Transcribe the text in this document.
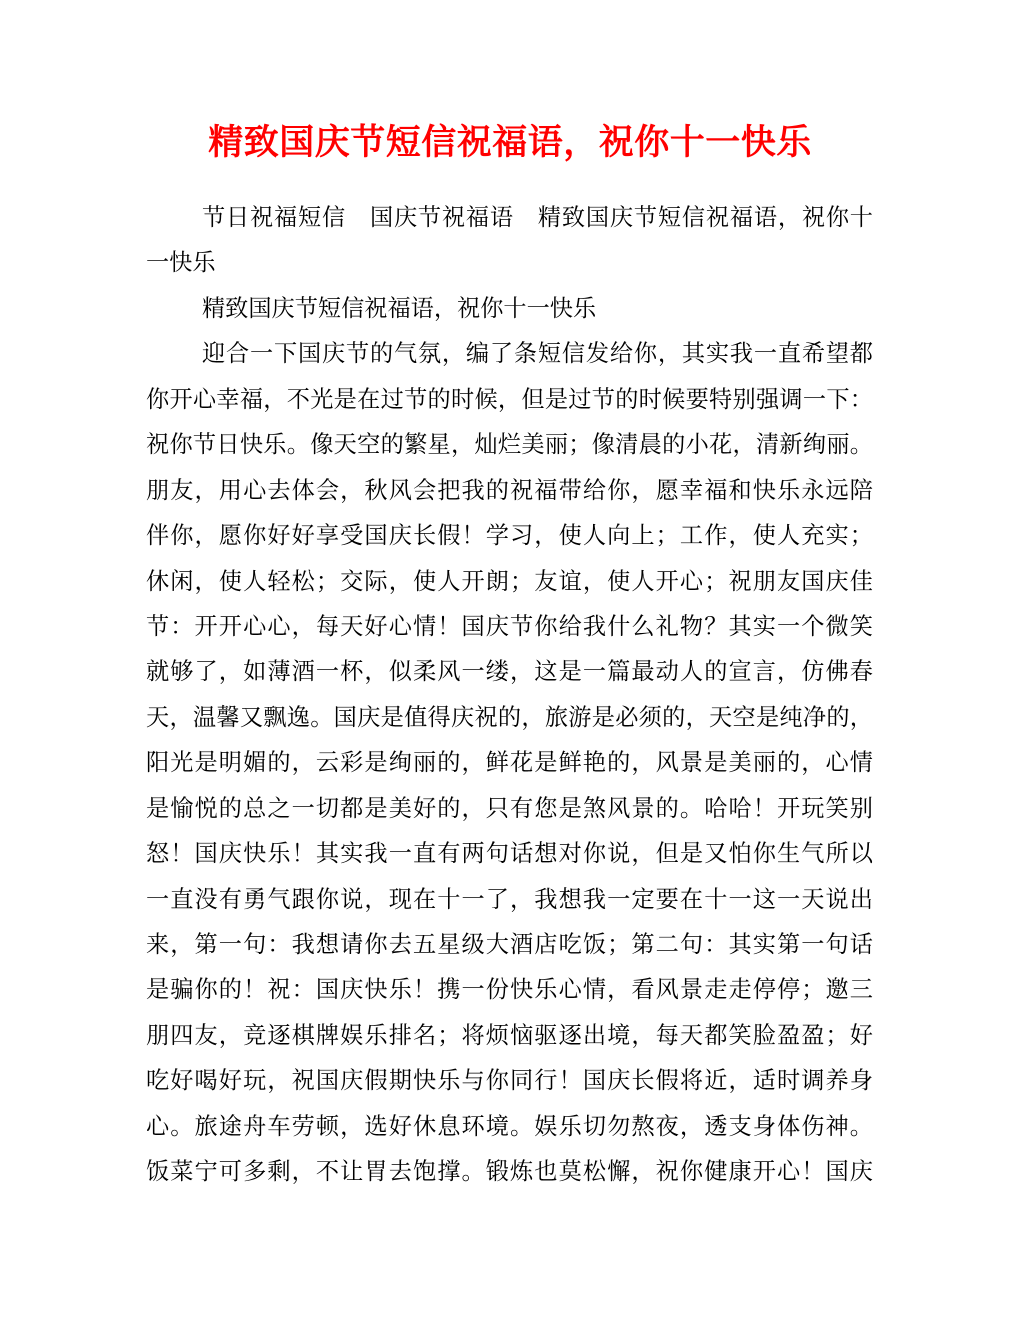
精致国庆节短信祝福语，祝你十一快乐
节日祝福短信　国庆节祝福语　精致国庆节短信祝福语，祝你十
一快乐
精致国庆节短信祝福语，祝你十一快乐
迎合一下国庆节的气氛，编了条短信发给你，其实我一直希望都
你开心幸福，不光是在过节的时候，但是过节的时候要特别强调一下：
祝你节日快乐。像天空的繁星，灿烂美丽；像清晨的小花，清新绚丽。
朋友，用心去体会，秋风会把我的祝福带给你，愿幸福和快乐永远陪
伴你，愿你好好享受国庆长假！学习，使人向上；工作，使人充实；
休闲，使人轻松；交际，使人开朗；友谊，使人开心；祝朋友国庆佳
节：开开心心，每天好心情！国庆节你给我什么礼物？其实一个微笑
就够了，如薄酒一杯，似柔风一缕，这是一篇最动人的宣言，仿佛春
天，温馨又飘逸。国庆是值得庆祝的，旅游是必须的，天空是纯净的，
阳光是明媚的，云彩是绚丽的，鲜花是鲜艳的，风景是美丽的，心情
是愉悦的总之一切都是美好的，只有您是煞风景的。哈哈！开玩笑别
怒！国庆快乐！其实我一直有两句话想对你说，但是又怕你生气所以
一直没有勇气跟你说，现在十一了，我想我一定要在十一这一天说出
来，第一句：我想请你去五星级大酒店吃饭；第二句：其实第一句话
是骗你的！祝：国庆快乐！携一份快乐心情，看风景走走停停；邀三
朋四友，竞逐棋牌娱乐排名；将烦恼驱逐出境，每天都笑脸盈盈；好
吃好喝好玩，祝国庆假期快乐与你同行！国庆长假将近，适时调养身
心。旅途舟车劳顿，选好休息环境。娱乐切勿熬夜，透支身体伤神。
饭菜宁可多剩，不让胃去饱撑。锻炼也莫松懈，祝你健康开心！国庆
